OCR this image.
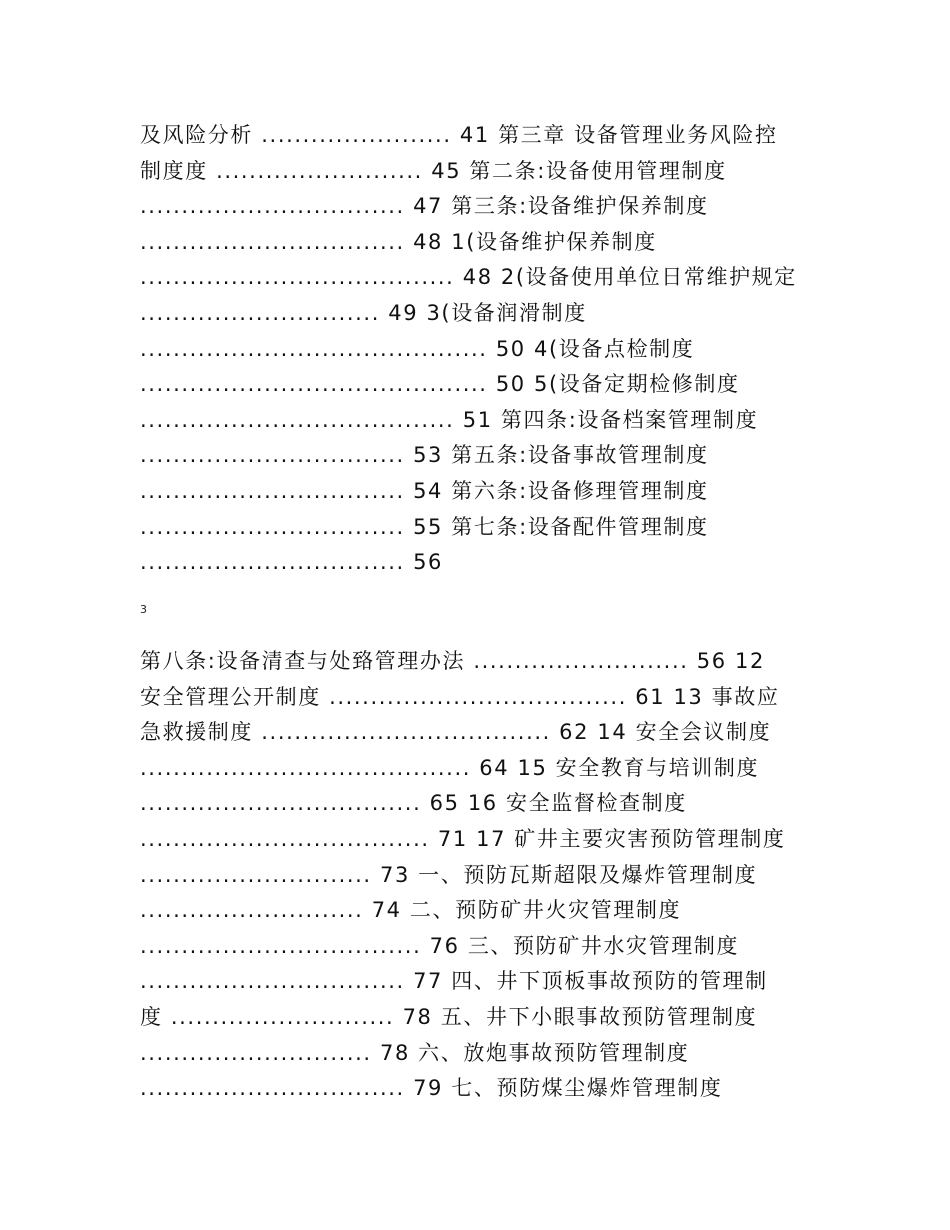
及风险分析 ....................... 41 第三章 设备管理业务风险控
制度度 ......................... 45 第二条:设备使用管理制度
................................ 47 第三条:设备维护保养制度
................................ 48 1(设备维护保养制度
...................................... 48 2(设备使用单位日常维护规定
............................. 49 3(设备润滑制度
.......................................... 50 4(设备点检制度
.......................................... 50 5(设备定期检修制度
...................................... 51 第四条:设备档案管理制度
................................ 53 第五条:设备事故管理制度
................................ 54 第六条:设备修理管理制度
................................ 55 第七条:设备配件管理制度
................................ 56
3
第八条:设备清查与处臵管理办法 .......................... 56 12
安全管理公开制度 .................................... 61 13 事故应
急救援制度 ................................... 62 14 安全会议制度
........................................ 64 15 安全教育与培训制度
.................................. 65 16 安全监督检查制度
................................... 71 17 矿井主要灾害预防管理制度
............................ 73 一、预防瓦斯超限及爆炸管理制度
........................... 74 二、预防矿井火灾管理制度
.................................. 76 三、预防矿井水灾管理制度
................................ 77 四、井下顶板事故预防的管理制
度 ........................... 78 五、井下小眼事故预防管理制度
............................ 78 六、放炮事故预防管理制度
................................ 79 七、预防煤尘爆炸管理制度
